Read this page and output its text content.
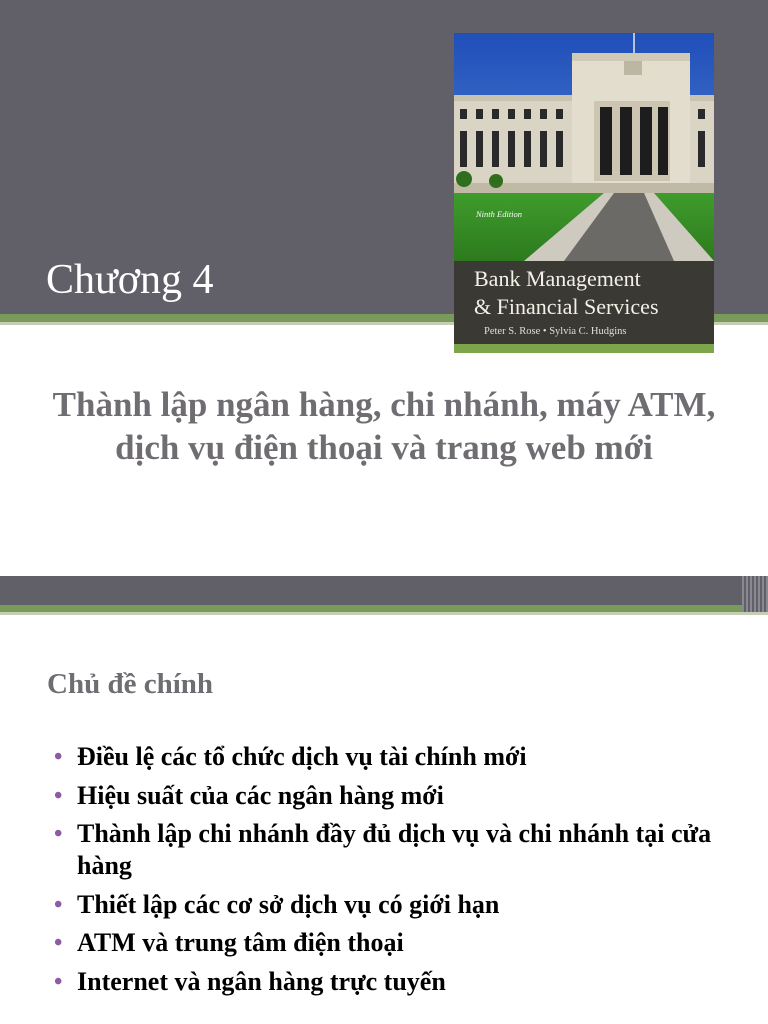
Chương 4
Ninth Edition
Bank Management
& Financial Services
Peter S. Rose • Sylvia C. Hudgins
Thành lập ngân hàng, chi nhánh, máy ATM, dịch vụ điện thoại và trang web mới
Chủ đề chính
• Điều lệ các tổ chức dịch vụ tài chính mới
• Hiệu suất của các ngân hàng mới
• Thành lập chi nhánh đầy đủ dịch vụ và chi nhánh tại cửa hàng
• Thiết lập các cơ sở dịch vụ có giới hạn
• ATM và trung tâm điện thoại
• Internet và ngân hàng trực tuyến
